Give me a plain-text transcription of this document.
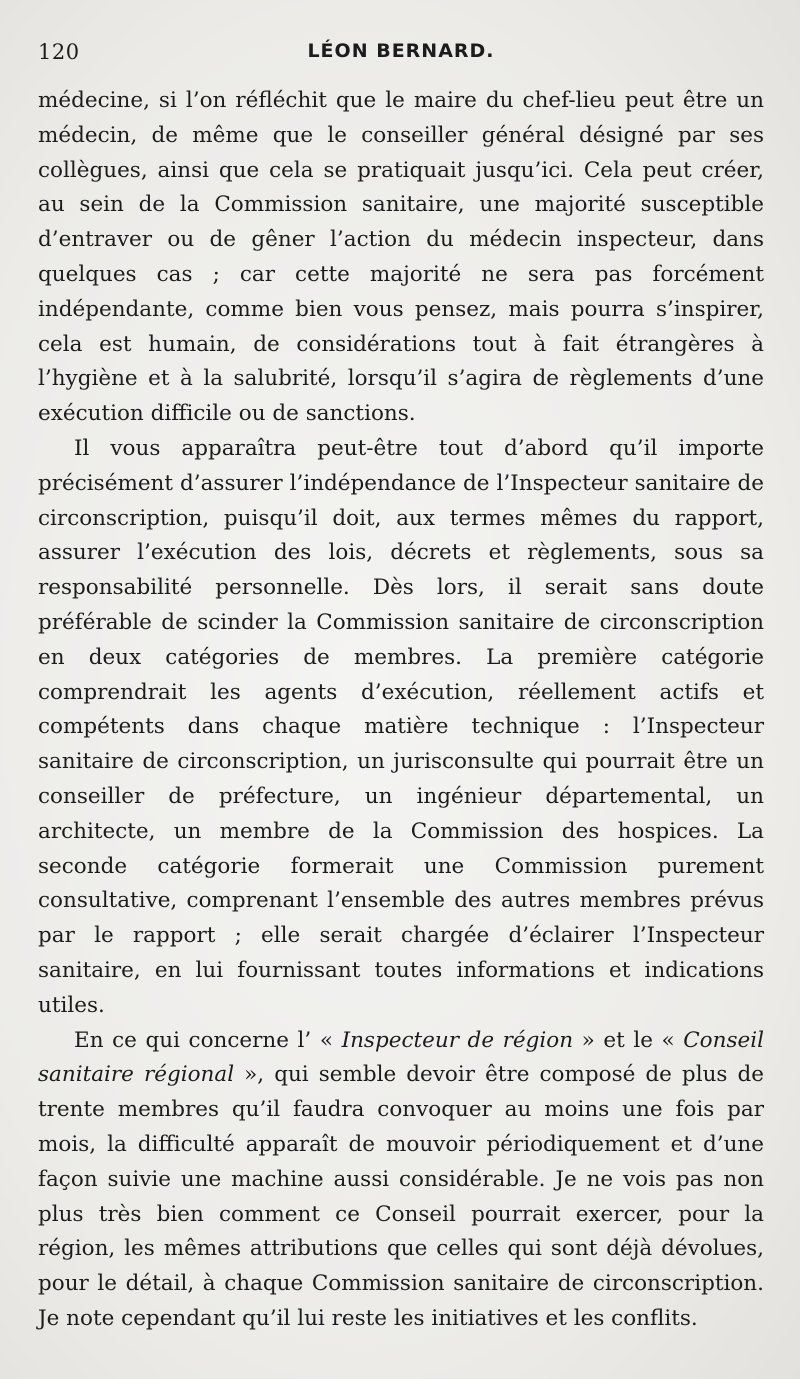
120	LÉON BERNARD.

médecine, si l’on réfléchit que le maire du chef-lieu peut être un médecin, de même que le conseiller général désigné par ses collègues, ainsi que cela se pratiquait jusqu’ici. Cela peut créer, au sein de la Commission sanitaire, une majorité susceptible d’entraver ou de gêner l’action du médecin inspecteur, dans quelques cas ; car cette majorité ne sera pas forcément indépendante, comme bien vous pensez, mais pourra s’inspirer, cela est humain, de considérations tout à fait étrangères à l’hygiène et à la salubrité, lorsqu’il s’agira de règlements d’une exécution difficile ou de sanctions.

Il vous apparaîtra peut-être tout d’abord qu’il importe précisément d’assurer l’indépendance de l’Inspecteur sanitaire de circonscription, puisqu’il doit, aux termes mêmes du rapport, assurer l’exécution des lois, décrets et règlements, sous sa responsabilité personnelle. Dès lors, il serait sans doute préférable de scinder la Commission sanitaire de circonscription en deux catégories de membres. La première catégorie comprendrait les agents d’exécution, réellement actifs et compétents dans chaque matière technique : l’Inspecteur sanitaire de circonscription, un jurisconsulte qui pourrait être un conseiller de préfecture, un ingénieur départemental, un architecte, un membre de la Commission des hospices. La seconde catégorie formerait une Commission purement consultative, comprenant l’ensemble des autres membres prévus par le rapport ; elle serait chargée d’éclairer l’Inspecteur sanitaire, en lui fournissant toutes informations et indications utiles.

En ce qui concerne l’ « Inspecteur de région » et le « Conseil sanitaire régional », qui semble devoir être composé de plus de trente membres qu’il faudra convoquer au moins une fois par mois, la difficulté apparaît de mouvoir périodiquement et d’une façon suivie une machine aussi considérable. Je ne vois pas non plus très bien comment ce Conseil pourrait exercer, pour la région, les mêmes attributions que celles qui sont déjà dévolues, pour le détail, à chaque Commission sanitaire de circonscription. Je note cependant qu’il lui reste les initiatives et les conflits.
